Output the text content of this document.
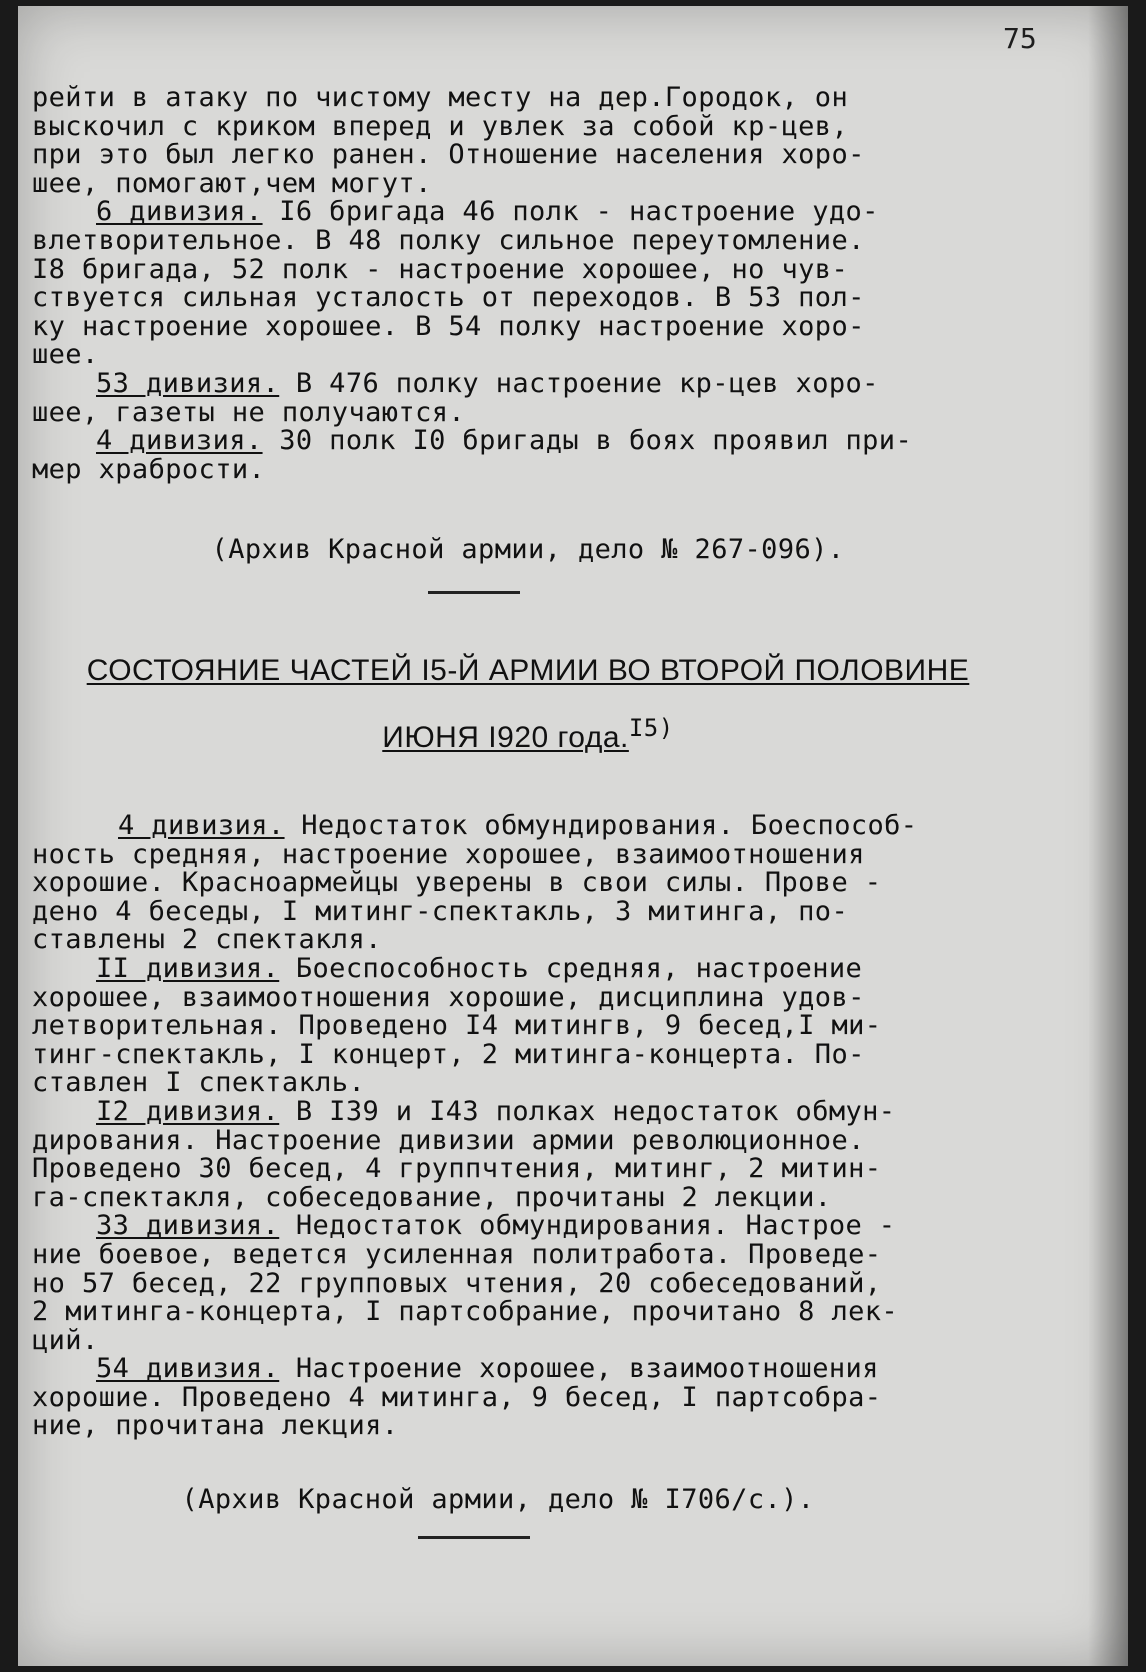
75
рейти в атаку по чистому месту на дер.Городок, он
выскочил с криком вперед и увлек за собой кр-цев,
при это был легко ранен. Отношение населения хоро-
шее, помогают,чем могут.
6 дивизия. I6 бригада 46 полк - настроение удо-
влетворительное. В 48 полку сильное переутомление.
I8 бригада, 52 полк - настроение хорошее, но чув-
ствуется сильная усталость от переходов. В 53 пол-
ку настроение хорошее. В 54 полку настроение хоро-
шее.
53 дивизия. В 476 полку настроение кр-цев хоро-
шее, газеты не получаются.
4 дивизия. 30 полк I0 бригады в боях проявил при-
мер храбрости.
(Архив Красной армии, дело № 267-096).
СОСТОЯНИЕ ЧАСТЕЙ I5-Й АРМИИ ВО ВТОРОЙ ПОЛОВИНЕ
ИЮНЯ I920 года.$^{I5)}$
4 дивизия. Недостаток обмундирования. Боеспособ-
ность средняя, настроение хорошее, взаимоотношения
хорошие. Красноармейцы уверены в свои силы. Прове -
дено 4 беседы, I митинг-спектакль, 3 митинга, по-
ставлены 2 спектакля.
II дивизия. Боеспособность средняя, настроение
хорошее, взаимоотношения хорошие, дисциплина удов-
летворительная. Проведено I4 митингв, 9 бесед,I ми-
тинг-спектакль, I концерт, 2 митинга-концерта. По-
ставлен I спектакль.
I2 дивизия. В I39 и I43 полках недостаток обмун-
дирования. Настроение дивизии армии революционное.
Проведено 30 бесед, 4 группчтения, митинг, 2 митин-
га-спектакля, собеседование, прочитаны 2 лекции.
33 дивизия. Недостаток обмундирования. Настрое -
ние боевое, ведется усиленная политработа. Проведе-
но 57 бесед, 22 групповых чтения, 20 собеседований,
2 митинга-концерта, I партсобрание, прочитано 8 лек-
ций.
54 дивизия. Настроение хорошее, взаимоотношения
хорошие. Проведено 4 митинга, 9 бесед, I партсобра-
ние, прочитана лекция.
(Архив Красной армии, дело № I706/с.).
